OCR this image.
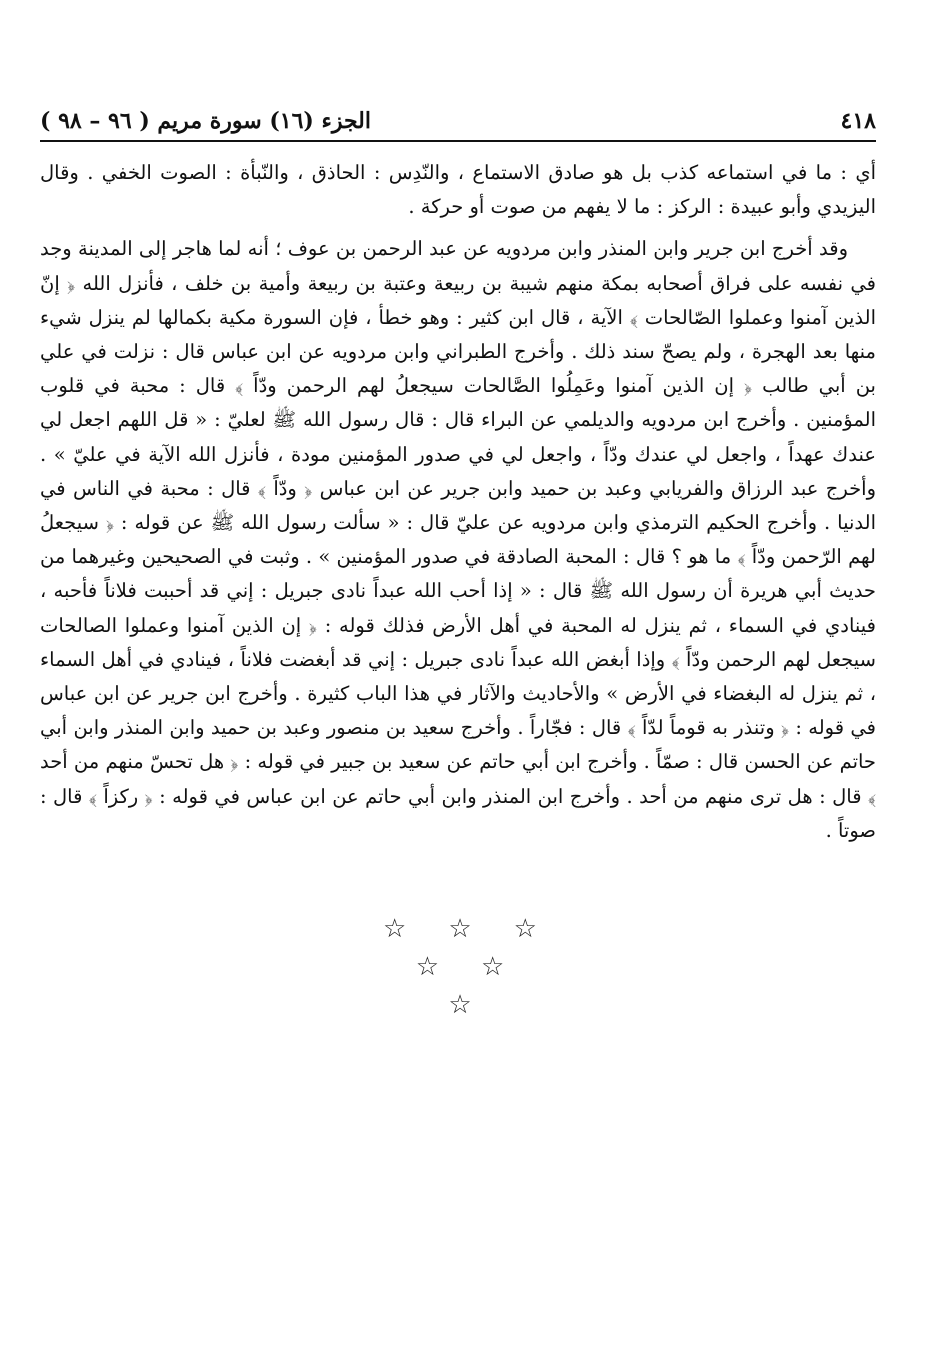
٤١٨
الجزء (١٦) سورة مريم ( ٩٦ – ٩٨ )

أي : ما في استماعه كذب بل هو صادق الاستماع ، والنّدِس : الحاذق ، والنّبأة : الصوت الخفي . وقال اليزيدي وأبو عبيدة : الركز : ما لا يفهم من صوت أو حركة .

وقد أخرج ابن جرير وابن المنذر وابن مردويه عن عبد الرحمن بن عوف ؛ أنه لما هاجر إلى المدينة وجد في نفسه على فراق أصحابه بمكة منهم شيبة بن ربيعة وعتبة بن ربيعة وأمية بن خلف ، فأنزل الله ﴿ إنّ الذين آمنوا وعملوا الصّالحات ﴾ الآية ، قال ابن كثير : وهو خطأ ، فإن السورة مكية بكمالها لم ينزل شيء منها بعد الهجرة ، ولم يصحّ سند ذلك . وأخرج الطبراني وابن مردويه عن ابن عباس قال : نزلت في علي بن أبي طالب ﴿ إن الذين آمنوا وعَمِلُوا الصَّالحات سيجعلُ لهم الرحمن ودّاً ﴾ قال : محبة في قلوب المؤمنين . وأخرج ابن مردويه والديلمي عن البراء قال : قال رسول الله ﷺ لعليّ : « قل اللهم اجعل لي عندك عهداً ، واجعل لي عندك ودّاً ، واجعل لي في صدور المؤمنين مودة ، فأنزل الله الآية في عليّ » . وأخرج عبد الرزاق والفريابي وعبد بن حميد وابن جرير عن ابن عباس ﴿ ودّاً ﴾ قال : محبة في الناس في الدنيا . وأخرج الحكيم الترمذي وابن مردويه عن عليّ قال : « سألت رسول الله ﷺ عن قوله : ﴿ سيجعلُ لهم الرّحمن ودّاً ﴾ ما هو ؟ قال : المحبة الصادقة في صدور المؤمنين » . وثبت في الصحيحين وغيرهما من حديث أبي هريرة أن رسول الله ﷺ قال : « إذا أحب الله عبداً نادى جبريل : إني قد أحببت فلاناً فأحبه ، فينادي في السماء ، ثم ينزل له المحبة في أهل الأرض فذلك قوله : ﴿ إن الذين آمنوا وعملوا الصالحات سيجعل لهم الرحمن ودّاً ﴾ وإذا أبغض الله عبداً نادى جبريل : إني قد أبغضت فلاناً ، فينادي في أهل السماء ، ثم ينزل له البغضاء في الأرض » والأحاديث والآثار في هذا الباب كثيرة . وأخرج ابن جرير عن ابن عباس في قوله : ﴿ وتنذر به قوماً لدّاً ﴾ قال : فجّاراً . وأخرج سعيد بن منصور وعبد بن حميد وابن المنذر وابن أبي حاتم عن الحسن قال : صمّاً . وأخرج ابن أبي حاتم عن سعيد بن جبير في قوله : ﴿ هل تحسّ منهم من أحد ﴾ قال : هل ترى منهم من أحد . وأخرج ابن المنذر وابن أبي حاتم عن ابن عباس في قوله : ﴿ ركزاً ﴾ قال : صوتاً .

☆ ☆ ☆
☆ ☆
☆
